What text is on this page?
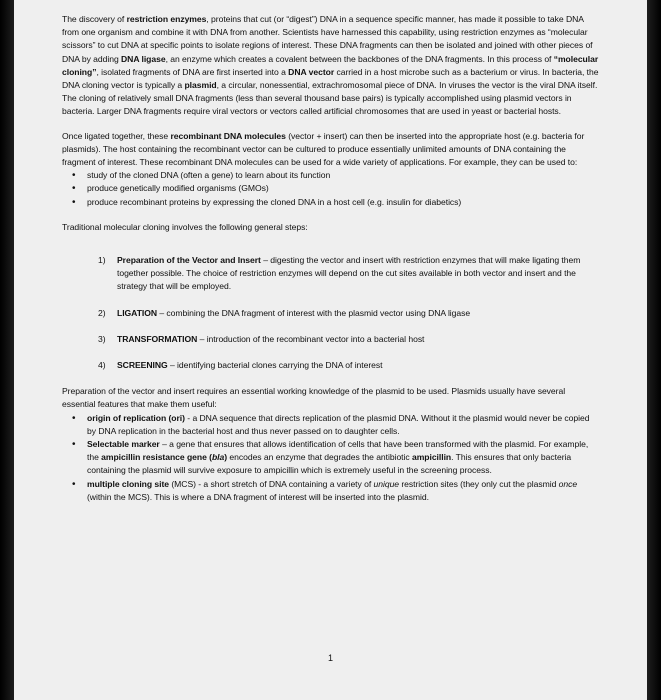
The discovery of restriction enzymes, proteins that cut (or “digest”) DNA in a sequence specific manner, has made it possible to take DNA from one organism and combine it with DNA from another. Scientists have harnessed this capability, using restriction enzymes as “molecular scissors” to cut DNA at specific points to isolate regions of interest. These DNA fragments can then be isolated and joined with other pieces of DNA by adding DNA ligase, an enzyme which creates a covalent between the backbones of the DNA fragments. In this process of “molecular cloning”, isolated fragments of DNA are first inserted into a DNA vector carried in a host microbe such as a bacterium or virus. In bacteria, the DNA cloning vector is typically a plasmid, a circular, nonessential, extrachromosomal piece of DNA. In viruses the vector is the viral DNA itself. The cloning of relatively small DNA fragments (less than several thousand base pairs) is typically accomplished using plasmid vectors in bacteria. Larger DNA fragments require viral vectors or vectors called artificial chromosomes that are used in yeast or bacterial hosts.

Once ligated together, these recombinant DNA molecules (vector + insert) can then be inserted into the appropriate host (e.g. bacteria for plasmids). The host containing the recombinant vector can be cultured to produce essentially unlimited amounts of DNA containing the fragment of interest. These recombinant DNA molecules can be used for a wide variety of applications. For example, they can be used to:

• study of the cloned DNA (often a gene) to learn about its function
• produce genetically modified organisms (GMOs)
• produce recombinant proteins by expressing the cloned DNA in a host cell (e.g. insulin for diabetics)

Traditional molecular cloning involves the following general steps:

1) Preparation of the Vector and Insert – digesting the vector and insert with restriction enzymes that will make ligating them together possible. The choice of restriction enzymes will depend on the cut sites available in both vector and insert and the strategy that will be employed.
2) LIGATION – combining the DNA fragment of interest with the plasmid vector using DNA ligase
3) TRANSFORMATION – introduction of the recombinant vector into a bacterial host
4) SCREENING – identifying bacterial clones carrying the DNA of interest

Preparation of the vector and insert requires an essential working knowledge of the plasmid to be used. Plasmids usually have several essential features that make them useful:

• origin of replication (ori) - a DNA sequence that directs replication of the plasmid DNA. Without it the plasmid would never be copied by DNA replication in the bacterial host and thus never passed on to daughter cells.
• Selectable marker – a gene that ensures that allows identification of cells that have been transformed with the plasmid. For example, the ampicillin resistance gene (bla) encodes an enzyme that degrades the antibiotic ampicillin. This ensures that only bacteria containing the plasmid will survive exposure to ampicillin which is extremely useful in the screening process.
• multiple cloning site (MCS) - a short stretch of DNA containing a variety of unique restriction sites (they only cut the plasmid once (within the MCS). This is where a DNA fragment of interest will be inserted into the plasmid.
1
